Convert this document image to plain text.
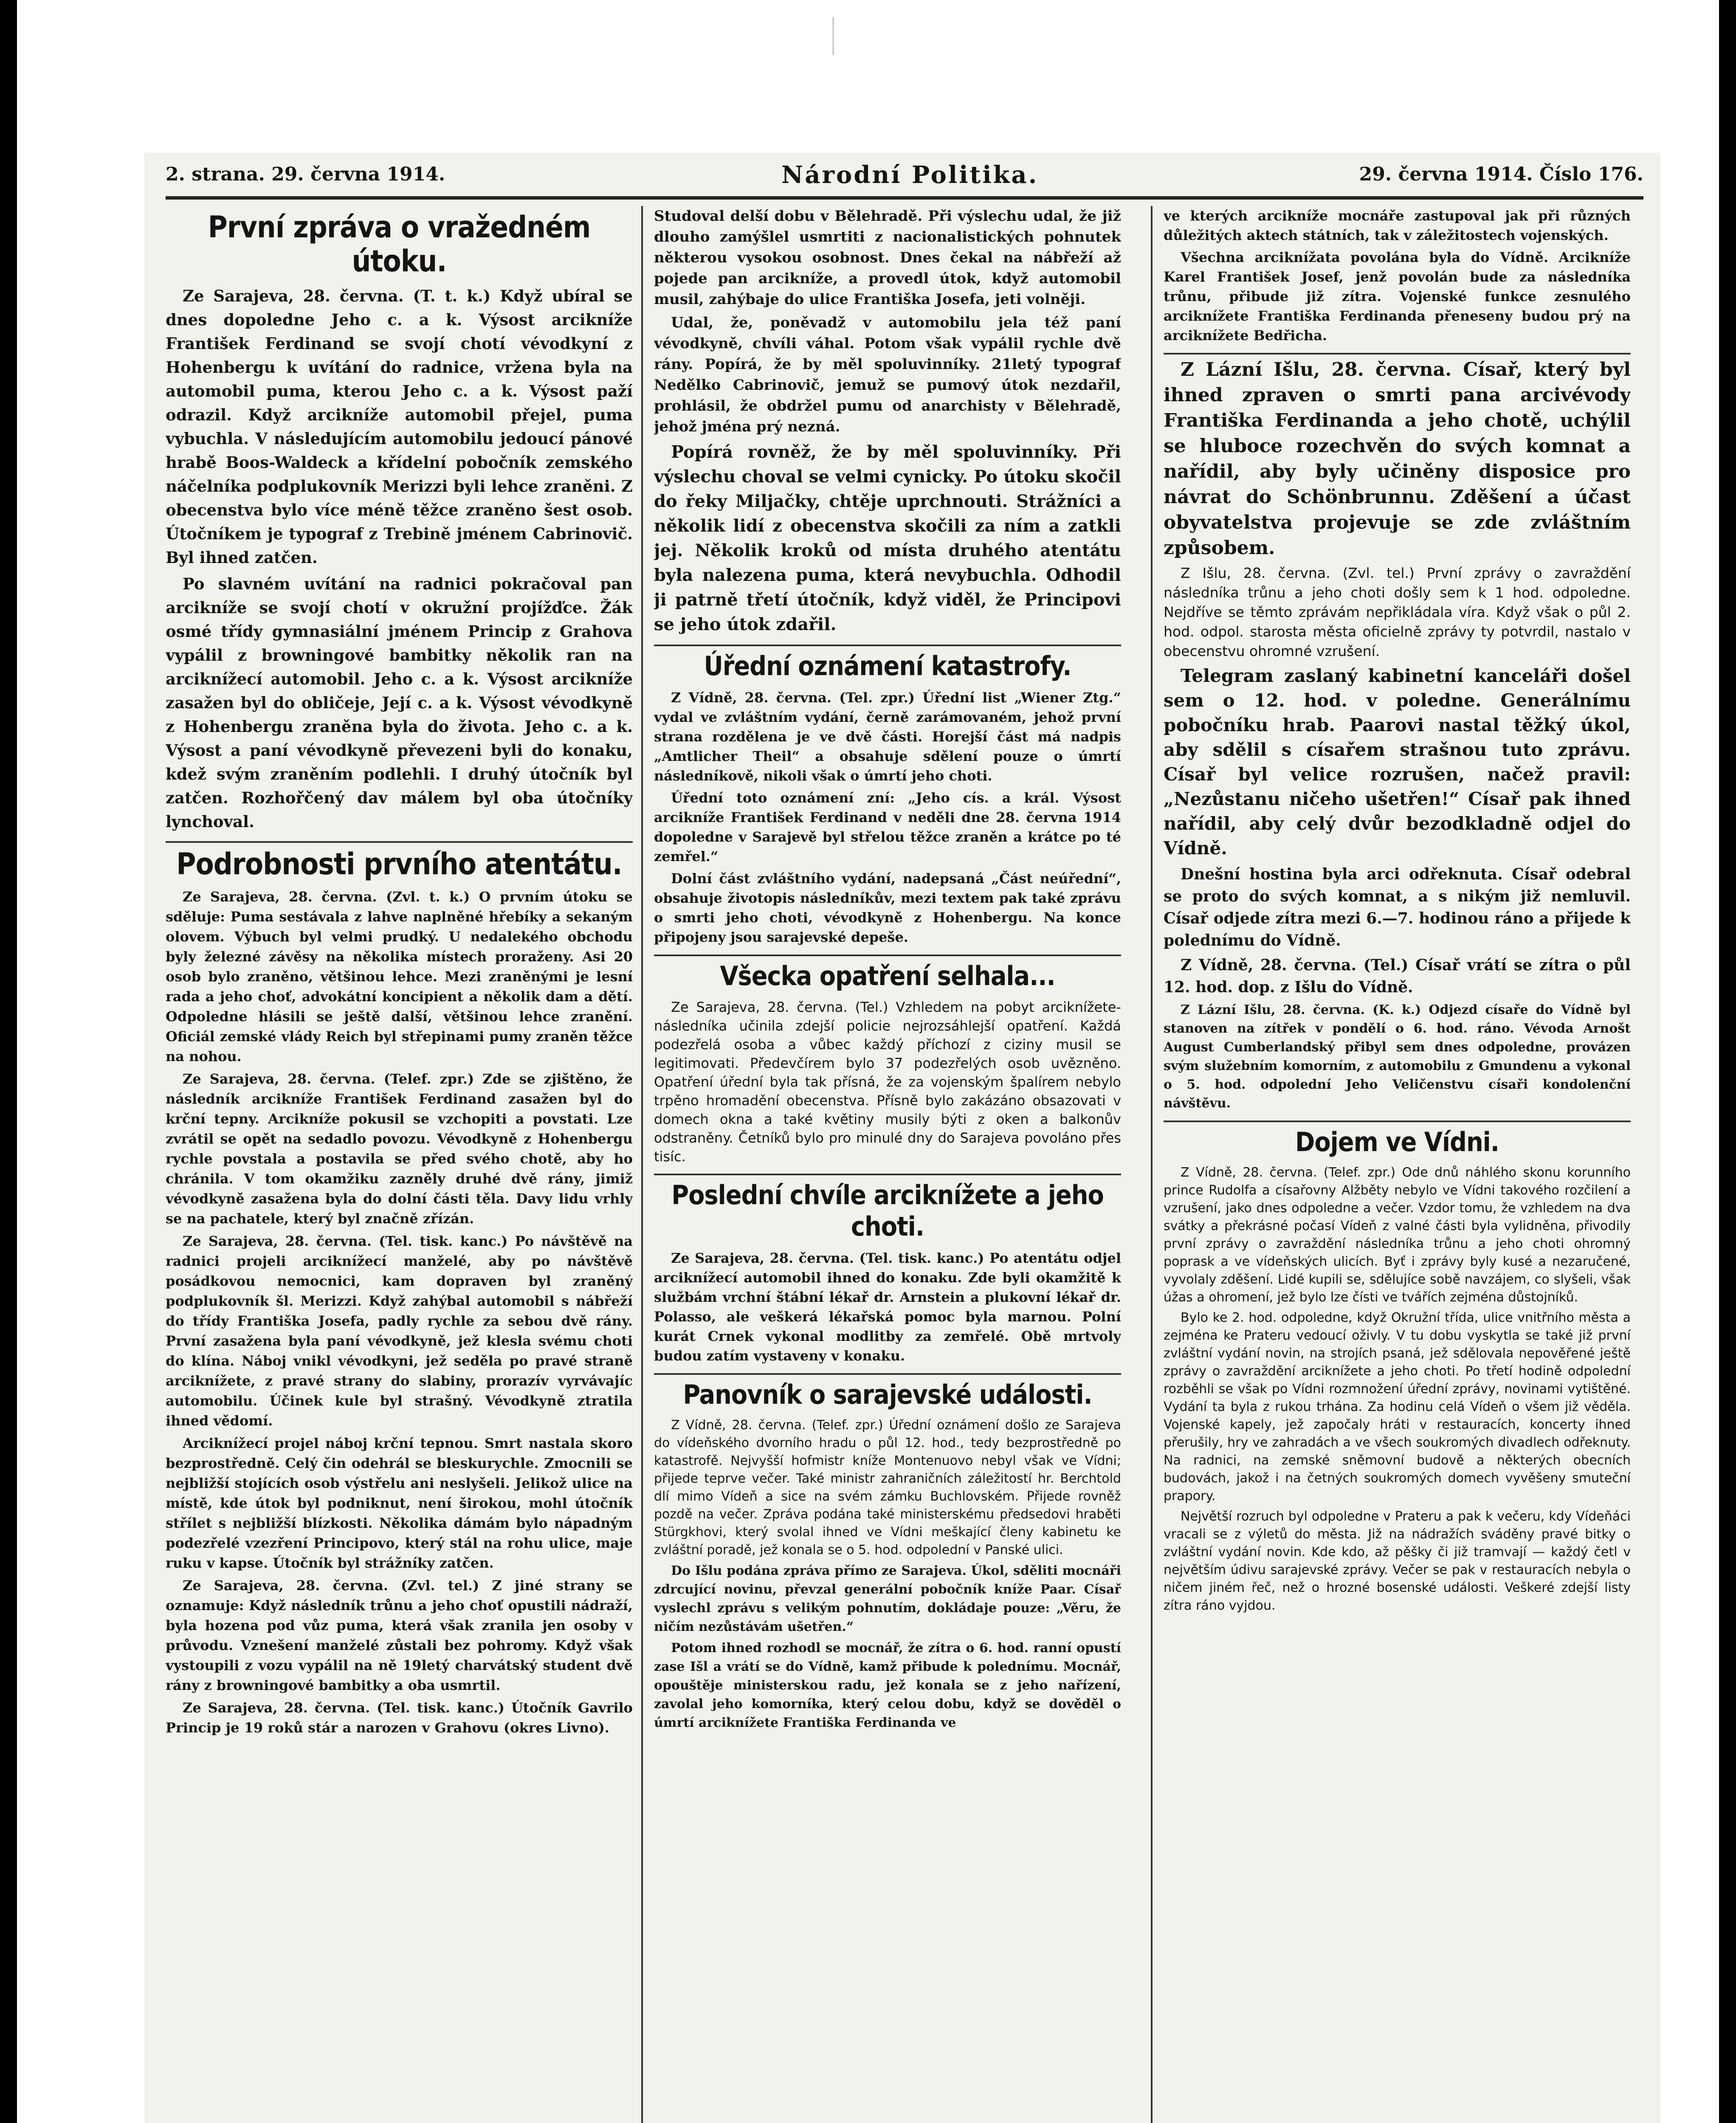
2. strana. 29. června 1914.	Národní Politika.	29. června 1914. Číslo 176.
První zpráva o vražedném útoku.

Ze Sarajeva, 28. června. (T. t. k.) Když ubíral se dnes dopoledne Jeho c. a k. Výsost arcikníže František Ferdinand se svojí chotí vévodkyní z Hohenbergu k uvítání do radnice, vržena byla na automobil puma, kterou Jeho c. a k. Výsost paží odrazil. Když arcikníže automobil přejel, puma vybuchla. V následujícím automobilu jedoucí pánové hrabě Boos-Waldeck a křídelní pobočník zemského náčelníka podplukovník Merizzi byli lehce zraněni. Z obecenstva bylo více méně těžce zraněno šest osob. Útočníkem je typograf z Trebině jménem Cabrinovič. Byl ihned zatčen.

Po slavném uvítání na radnici pokračoval pan arcikníže se svojí chotí v okružní projížďce. Žák osmé třídy gymnasiální jménem Princip z Grahova vypálil z browningové bambitky několik ran na arciknížecí automobil. Jeho c. a k. Výsost arcikníže zasažen byl do obličeje, Její c. a k. Výsost vévodkyně z Hohenbergu zraněna byla do života. Jeho c. a k. Výsost a paní vévodkyně převezeni byli do konaku, kdež svým zraněním podlehli. I druhý útočník byl zatčen. Rozhořčený dav málem byl oba útočníky lynchoval.

Podrobnosti prvního atentátu.

Ze Sarajeva, 28. června. (Zvl. t. k.) O prvním útoku se sděluje: Puma sestávala z lahve naplněné hřebíky a sekaným olovem. Výbuch byl velmi prudký. U nedalekého obchodu byly železné závěsy na několika místech proraženy. Asi 20 osob bylo zraněno, většinou lehce. Mezi zraněnými je lesní rada a jeho choť, advokátní koncipient a několik dam a dětí. Odpoledne hlásili se ještě další, většinou lehce zranění. Oficiál zemské vlády Reich byl střepinami pumy zraněn těžce na nohou.

Ze Sarajeva, 28. června. (Telef. zpr.) Zde se zjištěno, že následník arcikníže František Ferdinand zasažen byl do krční tepny. Arcikníže pokusil se vzchopiti a povstati. Lze zvrátil se opět na sedadlo povozu. Vévodkyně z Hohenbergu rychle povstala a postavila se před svého chotě, aby ho chránila. V tom okamžiku zazněly druhé dvě rány, jimiž vévodkyně zasažena byla do dolní části těla. Davy lidu vrhly se na pachatele, který byl značně zřízán.

Ze Sarajeva, 28. června. (Tel. tisk. kanc.) Po návštěvě na radnici projeli arciknížecí manželé, aby po návštěvě posádkovou nemocnici, kam dopraven byl zraněný podplukovník šl. Merizzi. Když zahýbal automobil s nábřeží do třídy Františka Josefa, padly rychle za sebou dvě rány. První zasažena byla paní vévodkyně, jež klesla svému choti do klína. Náboj vnikl vévodkyni, jež seděla po pravé straně arciknížete, z pravé strany do slabiny, prorazív vyrvávajíc automobilu. Účinek kule byl strašný. Vévodkyně ztratila ihned vědomí.

Arciknížecí projel náboj krční tepnou. Smrt nastala skoro bezprostředně. Celý čin odehrál se bleskurychle. Zmocnili se nejbližší stojících osob výstřelu ani neslyšeli. Jelikož ulice na místě, kde útok byl podniknut, není širokou, mohl útočník střílet s nejbližší blízkosti. Několika dámám bylo nápadným podezřelé vzezření Principovo, který stál na rohu ulice, maje ruku v kapse. Útočník byl strážníky zatčen.

Ze Sarajeva, 28. června. (Zvl. tel.) Z jiné strany se oznamuje: Když následník trůnu a jeho choť opustili nádraží, byla hozena pod vůz puma, která však zranila jen osoby v průvodu. Vznešení manželé zůstali bez pohromy. Když však vystoupili z vozu vypálil na ně 19letý charvátský student dvě rány z browningové bambitky a oba usmrtil.

Ze Sarajeva, 28. června. (Tel. tisk. kanc.) Útočník Gavrilo Princip je 19 roků stár a narozen v Grahovu (okres Livno).

Studoval delší dobu v Bělehradě. Při výslechu udal, že již dlouho zamýšlel usmrtiti z nacionalistických pohnutek některou vysokou osobnost. Dnes čekal na nábřeží až pojede pan arcikníže, a provedl útok, když automobil musil, zahýbaje do ulice Františka Josefa, jeti volněji.

Udal, že, poněvadž v automobilu jela též paní vévodkyně, chvíli váhal. Potom však vypálil rychle dvě rány. Popírá, že by měl spoluvinníky. 21letý typograf Nedělko Cabrinovič, jemuž se pumový útok nezdařil, prohlásil, že obdržel pumu od anarchisty v Bělehradě, jehož jména prý nezná.

Popírá rovněž, že by měl spoluvinníky. Při výslechu choval se velmi cynicky. Po útoku skočil do řeky Miljačky, chtěje uprchnouti. Strážníci a několik lidí z obecenstva skočili za ním a zatkli jej. Několik kroků od místa druhého atentátu byla nalezena puma, která nevybuchla. Odhodil ji patrně třetí útočník, když viděl, že Principovi se jeho útok zdařil.

Úřední oznámení katastrofy.

Z Vídně, 28. června. (Tel. zpr.) Úřední list „Wiener Ztg.“ vydal ve zvláštním vydání, černě zarámovaném, jehož první strana rozdělena je ve dvě části. Horejší část má nadpis „Amtlicher Theil“ a obsahuje sdělení pouze o úmrtí následníkově, nikoli však o úmrtí jeho choti.

Úřední toto oznámení zní: „Jeho cís. a král. Výsost arcikníže František Ferdinand v neděli dne 28. června 1914 dopoledne v Sarajevě byl střelou těžce zraněn a krátce po té zemřel.“

Dolní část zvláštního vydání, nadepsaná „Část neúřední“, obsahuje životopis následníkův, mezi textem pak také zprávu o smrti jeho choti, vévodkyně z Hohenbergu. Na konce připojeny jsou sarajevské depeše.

Všecka opatření selhala...

Ze Sarajeva, 28. června. (Tel.) Vzhledem na pobyt arciknížete-následníka učinila zdejší policie nejrozsáhlejší opatření. Každá podezřelá osoba a vůbec každý příchozí z ciziny musil se legitimovati. Předevčírem bylo 37 podezřelých osob uvězněno. Opatření úřední byla tak přísná, že za vojenským špalírem nebylo trpěno hromadění obecenstva. Přísně bylo zakázáno obsazovati v domech okna a také květiny musily býti z oken a balkonův odstraněny. Četníků bylo pro minulé dny do Sarajeva povoláno přes tisíc.

Poslední chvíle arciknížete a jeho choti.

Ze Sarajeva, 28. června. (Tel. tisk. kanc.) Po atentátu odjel arciknížecí automobil ihned do konaku. Zde byli okamžitě k službám vrchní štábní lékař dr. Arnstein a plukovní lékař dr. Polasso, ale veškerá lékařská pomoc byla marnou. Polní kurát Crnek vykonal modlitby za zemřelé. Obě mrtvoly budou zatím vystaveny v konaku.

Panovník o sarajevské události.

Z Vídně, 28. června. (Telef. zpr.) Úřední oznámení došlo ze Sarajeva do vídeňského dvorního hradu o půl 12. hod., tedy bezprostředně po katastrofě. Nejvyšší hofmistr kníže Montenuovo nebyl však ve Vídni; přijede teprve večer. Také ministr zahraničních záležitostí hr. Berchtold dlí mimo Vídeň a sice na svém zámku Buchlovském. Přijede rovněž pozdě na večer. Zpráva podána také ministerskému předsedovi hraběti Stürgkhovi, který svolal ihned ve Vídni meškající členy kabinetu ke zvláštní poradě, jež konala se o 5. hod. odpolední v Panské ulici.

Do Išlu podána zpráva přímo ze Sarajeva. Úkol, sděliti mocnáři zdrcující novinu, převzal generální pobočník kníže Paar. Císař vyslechl zprávu s velikým pohnutím, dokládaje pouze: „Věru, že ničím nezůstávám ušetřen.“

Potom ihned rozhodl se mocnář, že zítra o 6. hod. ranní opustí zase Išl a vrátí se do Vídně, kamž přibude k polednímu. Mocnář, opouštěje ministerskou radu, jež konala se z jeho nařízení, zavolal jeho komorníka, který celou dobu, když se dověděl o úmrtí arciknížete Františka Ferdinanda ve

ve kterých arcikníže mocnáře zastupoval jak při různých důležitých aktech státních, tak v záležitostech vojenských.

Všechna arciknížata povolána byla do Vídně. Arcikníže Karel František Josef, jenž povolán bude za následníka trůnu, přibude již zítra. Vojenské funkce zesnulého arciknížete Františka Ferdinanda přeneseny budou prý na arciknížete Bedřicha.

Z Lázní Išlu, 28. června. Císař, který byl ihned zpraven o smrti pana arcivévody Františka Ferdinanda a jeho chotě, uchýlil se hluboce rozechvěn do svých komnat a nařídil, aby byly učiněny disposice pro návrat do Schönbrunnu. Zděšení a účast obyvatelstva projevuje se zde zvláštním způsobem.

Z Išlu, 28. června. (Zvl. tel.) První zprávy o zavraždění následníka trůnu a jeho choti došly sem k 1 hod. odpoledne. Nejdříve se těmto zprávám nepřikládala víra. Když však o půl 2. hod. odpol. starosta města oficielně zprávy ty potvrdil, nastalo v obecenstvu ohromné vzrušení.

Telegram zaslaný kabinetní kanceláři došel sem o 12. hod. v poledne. Generálnímu pobočníku hrab. Paarovi nastal těžký úkol, aby sdělil s císařem strašnou tuto zprávu. Císař byl velice rozrušen, načež pravil: „Nezůstanu ničeho ušetřen!“ Císař pak ihned nařídil, aby celý dvůr bezodkladně odjel do Vídně.

Dnešní hostina byla arci odřeknuta. Císař odebral se proto do svých komnat, a s nikým již nemluvil. Císař odjede zítra mezi 6.—7. hodinou ráno a přijede k polednímu do Vídně.

Z Vídně, 28. června. (Tel.) Císař vrátí se zítra o půl 12. hod. dop. z Išlu do Vídně.

Z Lázní Išlu, 28. června. (K. k.) Odjezd císaře do Vídně byl stanoven na zítřek v pondělí o 6. hod. ráno. Vévoda Arnošt August Cumberlandský přibyl sem dnes odpoledne, provázen svým služebním komorním, z automobilu z Gmundenu a vykonal o 5. hod. odpolední Jeho Veličenstvu císaři kondolenční návštěvu.

Dojem ve Vídni.

Z Vídně, 28. června. (Telef. zpr.) Ode dnů náhlého skonu korunního prince Rudolfa a císařovny Alžběty nebylo ve Vídni takového rozčilení a vzrušení, jako dnes odpoledne a večer. Vzdor tomu, že vzhledem na dva svátky a překrásné počasí Vídeň z valné části byla vylidněna, přivodily první zprávy o zavraždění následníka trůnu a jeho choti ohromný poprask a ve vídeňských ulicích. Byť i zprávy byly kusé a nezaručené, vyvolaly zděšení. Lidé kupili se, sdělujíce sobě navzájem, co slyšeli, však úžas a ohromení, jež bylo lze čísti ve tvářích zejména důstojníků.

Bylo ke 2. hod. odpoledne, když Okružní třída, ulice vnitřního města a zejména ke Prateru vedoucí oživly. V tu dobu vyskytla se také již první zvláštní vydání novin, na strojích psaná, jež sdělovala nepověřené ještě zprávy o zavraždění arciknížete a jeho choti. Po třetí hodině odpolední rozběhli se však po Vídni rozmnožení úřední zprávy, novinami vytištěné. Vydání ta byla z rukou trhána. Za hodinu celá Vídeň o všem již věděla. Vojenské kapely, jež započaly hráti v restauracích, koncerty ihned přerušily, hry ve zahradách a ve všech soukromých divadlech odřeknuty. Na radnici, na zemské sněmovní budově a některých obecních budovách, jakož i na četných soukromých domech vyvěšeny smuteční prapory.

Největší rozruch byl odpoledne v Prateru a pak k večeru, kdy Vídeňáci vracali se z výletů do města. Již na nádražích sváděny pravé bitky o zvláštní vydání novin. Kde kdo, až pěšky či již tramvají — každý četl v největším údivu sarajevské zprávy. Večer se pak v restauracích nebyla o ničem jiném řeč, než o hrozné bosenské události. Veškeré zdejší listy zítra ráno vyjdou.
